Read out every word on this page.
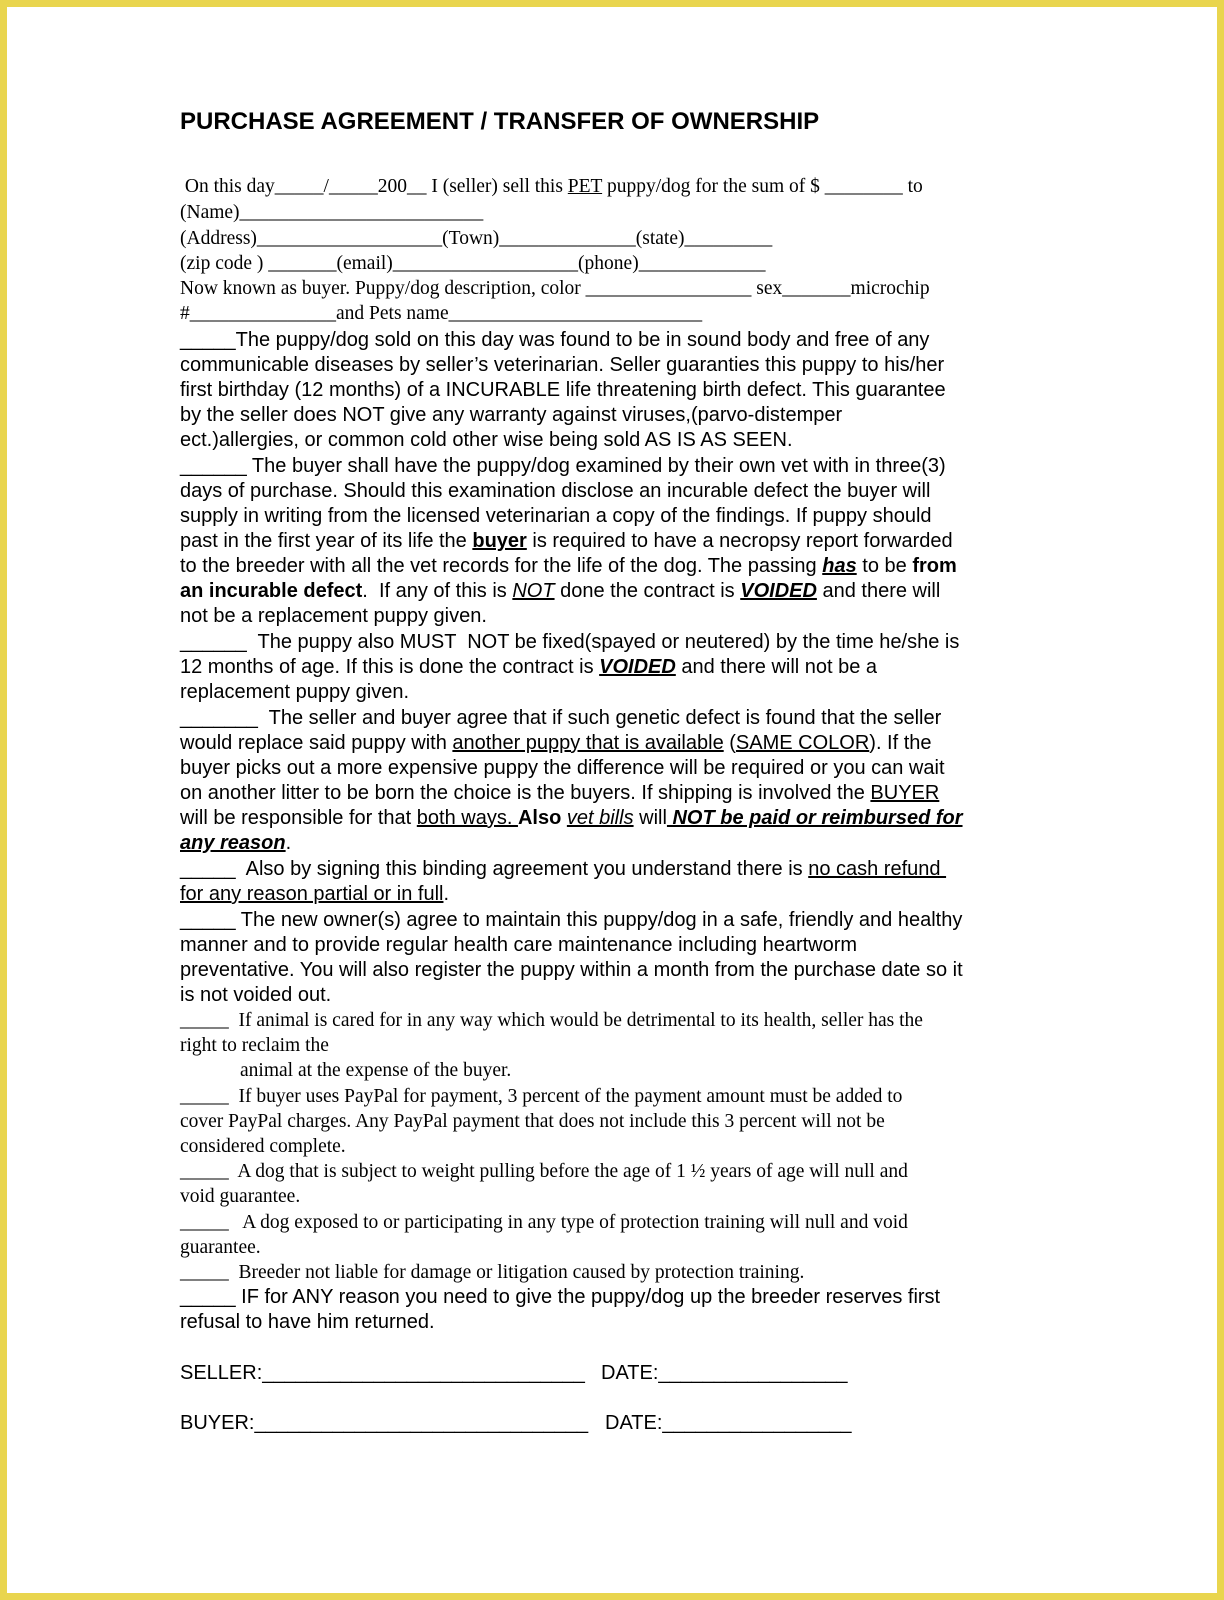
PURCHASE AGREEMENT / TRANSFER OF OWNERSHIP

On this day_____/_____200__ I (seller) sell this PET puppy/dog for the sum of $ ________ to

(Name)_________________________

(Address)___________________(Town)______________(state)_________

(zip code ) _______(email)___________________(phone)_____________

Now known as buyer. Puppy/dog description, color _________________ sex_______microchip

#_______________and Pets name__________________________

_____The puppy/dog sold on this day was found to be in sound body and free of any

communicable diseases by seller’s veterinarian. Seller guaranties this puppy to his/her

first birthday (12 months) of a INCURABLE life threatening birth defect. This guarantee

by the seller does NOT give any warranty against viruses,(parvo-distemper

ect.)allergies, or common cold other wise being sold AS IS AS SEEN.

______ The buyer shall have the puppy/dog examined by their own vet with in three(3)

days of purchase. Should this examination disclose an incurable defect the buyer will

supply in writing from the licensed veterinarian a copy of the findings. If puppy should

past in the first year of its life the buyer is required to have a necropsy report forwarded

to the breeder with all the vet records for the life of the dog. The passing has to be from

an incurable defect.  If any of this is NOT done the contract is VOIDED and there will

not be a replacement puppy given.

______  The puppy also MUST  NOT be fixed(spayed or neutered) by the time he/she is

12 months of age. If this is done the contract is VOIDED and there will not be a

replacement puppy given.

_______  The seller and buyer agree that if such genetic defect is found that the seller

would replace said puppy with another puppy that is available (SAME COLOR). If the

buyer picks out a more expensive puppy the difference will be required or you can wait

on another litter to be born the choice is the buyers. If shipping is involved the BUYER

will be responsible for that both ways. Also vet bills will NOT be paid or reimbursed for

any reason.

_____  Also by signing this binding agreement you understand there is no cash refund

for any reason partial or in full.

_____ The new owner(s) agree to maintain this puppy/dog in a safe, friendly and healthy

manner and to provide regular health care maintenance including heartworm

preventative. You will also register the puppy within a month from the purchase date so it

is not voided out.

_____  If animal is cared for in any way which would be detrimental to its health, seller has the

right to reclaim the

animal at the expense of the buyer.

_____  If buyer uses PayPal for payment, 3 percent of the payment amount must be added to

cover PayPal charges. Any PayPal payment that does not include this 3 percent will not be

considered complete.

_____  A dog that is subject to weight pulling before the age of 1 ½ years of age will null and

void guarantee.

_____   A dog exposed to or participating in any type of protection training will null and void

guarantee.

_____  Breeder not liable for damage or litigation caused by protection training.

_____ IF for ANY reason you need to give the puppy/dog up the breeder reserves first

refusal to have him returned.

SELLER:_____________________________ DATE:_________________

BUYER:______________________________ DATE:_________________
